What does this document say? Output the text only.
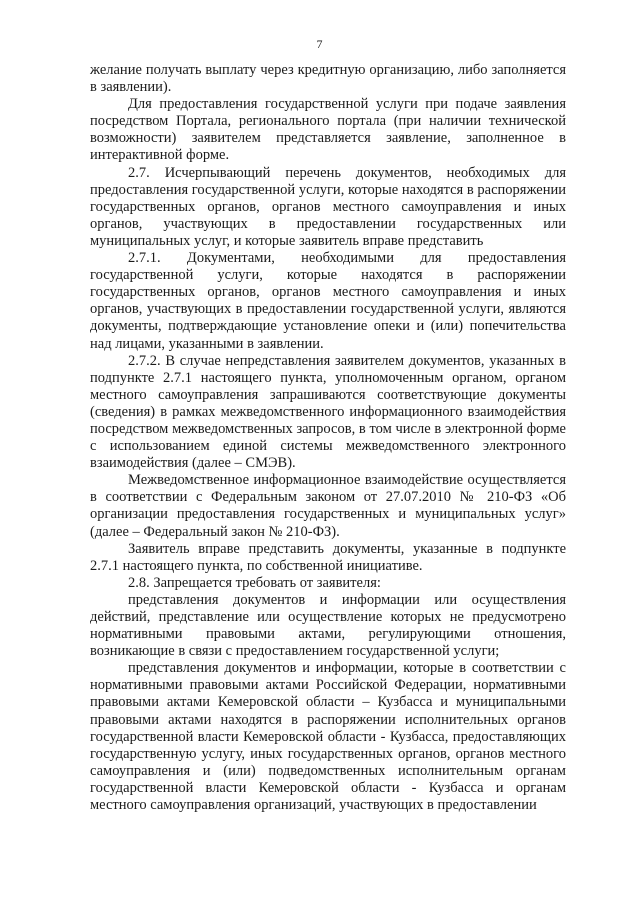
7

желание получать выплату через кредитную организацию, либо заполняется в заявлении).

Для предоставления государственной услуги при подаче заявления посредством Портала, регионального портала (при наличии технической возможности) заявителем представляется заявление, заполненное в интерактивной форме.

2.7. Исчерпывающий перечень документов, необходимых для предоставления государственной услуги, которые находятся в распоряжении государственных органов, органов местного самоуправления и иных органов, участвующих в предоставлении государственных или муниципальных услуг, и которые заявитель вправе представить

2.7.1. Документами, необходимыми для предоставления государственной услуги, которые находятся в распоряжении государственных органов, органов местного самоуправления и иных органов, участвующих в предоставлении государственной услуги, являются документы, подтверждающие установление опеки и (или) попечительства над лицами, указанными в заявлении.

2.7.2. В случае непредставления заявителем документов, указанных в подпункте 2.7.1 настоящего пункта, уполномоченным органом, органом местного самоуправления запрашиваются соответствующие документы (сведения) в рамках межведомственного информационного взаимодействия посредством межведомственных запросов, в том числе в электронной форме с использованием единой системы межведомственного электронного взаимодействия (далее – СМЭВ).

Межведомственное информационное взаимодействие осуществляется в соответствии с Федеральным законом от 27.07.2010 № 210-ФЗ «Об организации предоставления государственных и муниципальных услуг» (далее – Федеральный закон № 210-ФЗ).

Заявитель вправе представить документы, указанные в подпункте 2.7.1 настоящего пункта, по собственной инициативе.

2.8. Запрещается требовать от заявителя:

представления документов и информации или осуществления действий, представление или осуществление которых не предусмотрено нормативными правовыми актами, регулирующими отношения, возникающие в связи с предоставлением государственной услуги;

представления документов и информации, которые в соответствии с нормативными правовыми актами Российской Федерации, нормативными правовыми актами Кемеровской области – Кузбасса и муниципальными правовыми актами находятся в распоряжении исполнительных органов государственной власти Кемеровской области - Кузбасса, предоставляющих государственную услугу, иных государственных органов, органов местного самоуправления и (или) подведомственных исполнительным органам государственной власти Кемеровской области - Кузбасса и органам местного самоуправления организаций, участвующих в предоставлении
